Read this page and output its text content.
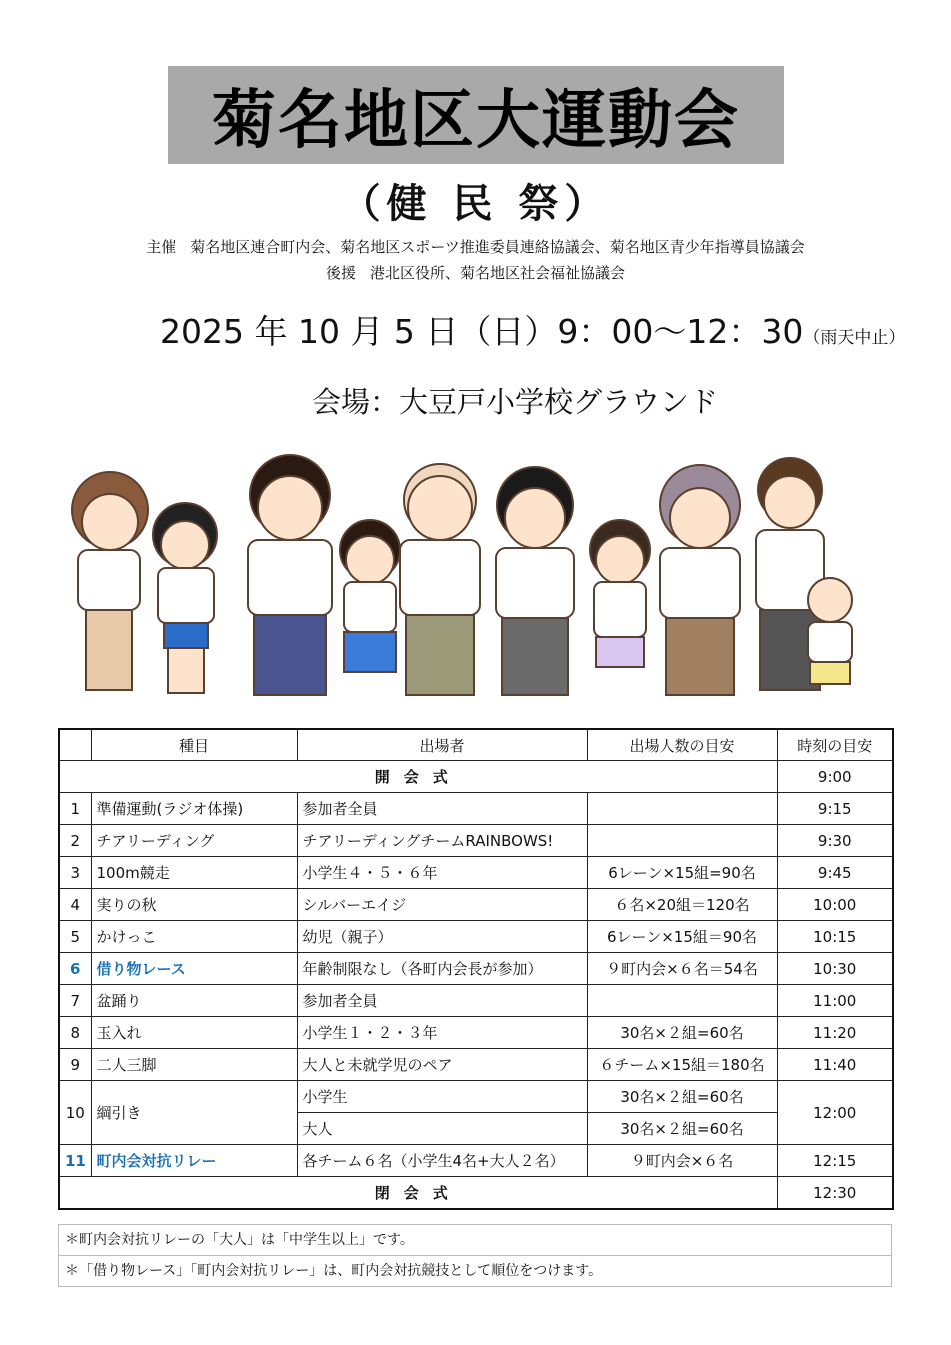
菊名地区大運動会
（健 民 祭）
主催 菊名地区連合町内会、菊名地区スポーツ推進委員連絡協議会、菊名地区青少年指導員協議会
後援 港北区役所、菊名地区社会福祉協議会
2025 年 10 月 5 日（日）9：00～12：30（雨天中止）
会場：大豆戸小学校グラウンド
	種目	出場者	出場人数の目安	時刻の目安
開会式				9:00
1	準備運動(ラジオ体操)	参加者全員		9:15
2	チアリーディング	チアリーディングチームRAINBOWS!		9:30
3	100m競走	小学生４・５・６年	6レーン×15組=90名	9:45
4	実りの秋	シルバーエイジ	６名×20組＝120名	10:00
5	かけっこ	幼児（親子）	6レーン×15組＝90名	10:15
6	借り物レース	年齢制限なし（各町内会長が参加）	９町内会×６名＝54名	10:30
7	盆踊り	参加者全員		11:00
8	玉入れ	小学生１・２・３年	30名×２組=60名	11:20
9	二人三脚	大人と未就学児のペア	６チーム×15組＝180名	11:40
10	綱引き	小学生	30名×２組=60名	12:00
		大人	30名×２組=60名	
11	町内会対抗リレー	各チーム６名（小学生4名+大人２名）	９町内会×６名	12:15
閉会式				12:30
＊町内会対抗リレーの「大人」は「中学生以上」です。
＊「借り物レース」「町内会対抗リレー」は、町内会対抗競技として順位をつけます。
